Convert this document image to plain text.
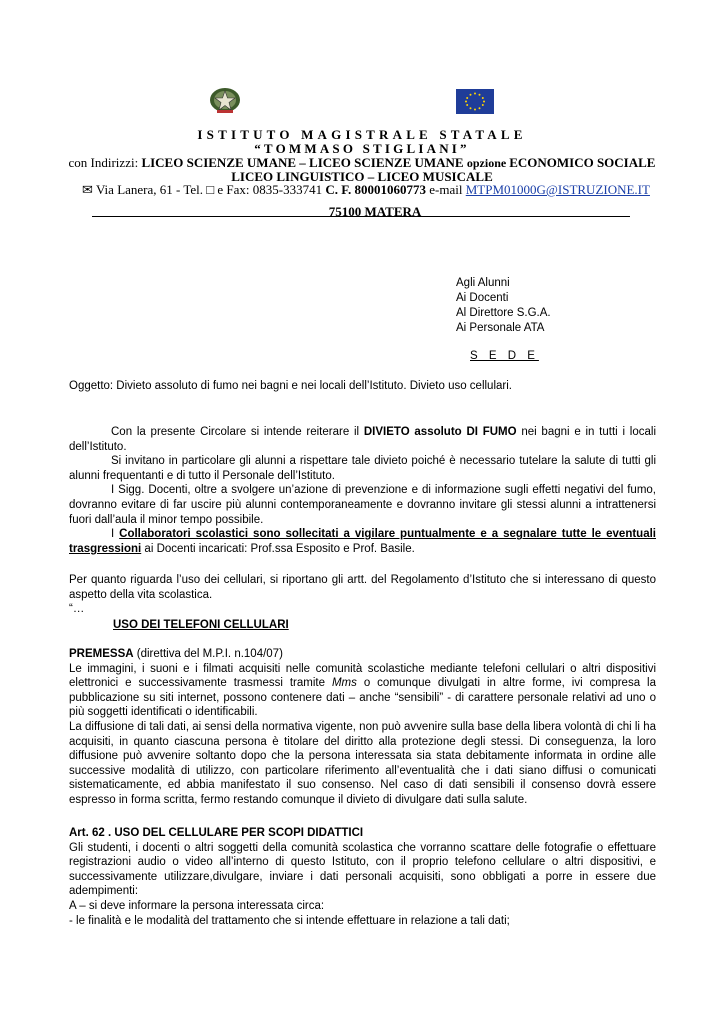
ISTITUTO MAGISTRALE STATALE
“TOMMASO STIGLIANI”
con Indirizzi: LICEO SCIENZE UMANE – LICEO SCIENZE UMANE opzione ECONOMICO SOCIALE
LICEO LINGUISTICO – LICEO MUSICALE
✉ Via Lanera, 61 - Tel. □ e Fax: 0835-333741 C. F. 80001060773 e-mail MTPM01000G@ISTRUZIONE.IT
75100 MATERA
Agli Alunni
Ai Docenti
Al Direttore S.G.A.
Ai Personale ATA
S E D E
Oggetto: Divieto assoluto di fumo nei bagni e nei locali dell’Istituto. Divieto uso cellulari.

Con la presente Circolare si intende reiterare il DIVIETO assoluto DI FUMO nei bagni e in tutti i locali dell’Istituto.

Si invitano in particolare gli alunni a rispettare tale divieto poiché è necessario tutelare la salute di tutti gli alunni frequentanti e di tutto il Personale dell’Istituto.

I Sigg. Docenti, oltre a svolgere un’azione di prevenzione e di informazione sugli effetti negativi del fumo, dovranno evitare di far uscire più alunni contemporaneamente e dovranno invitare gli stessi alunni a intrattenersi fuori dall’aula il minor tempo possibile.

I Collaboratori scolastici sono sollecitati a vigilare puntualmente e a segnalare tutte le eventuali trasgressioni ai Docenti incaricati: Prof.ssa Esposito e Prof. Basile.

Per quanto riguarda l’uso dei cellulari, si riportano gli artt. del Regolamento d’Istituto che si interessano di questo aspetto della vita scolastica.

“…

USO DEI TELEFONI CELLULARI

PREMESSA (direttiva del M.P.I. n.104/07)

Le immagini, i suoni e i filmati acquisiti nelle comunità scolastiche mediante telefoni cellulari o altri dispositivi elettronici e successivamente trasmessi tramite Mms o comunque divulgati in altre forme, ivi compresa la pubblicazione su siti internet, possono contenere dati – anche “sensibili” - di carattere personale relativi ad uno o più soggetti identificati o identificabili.

La diffusione di tali dati, ai sensi della normativa vigente, non può avvenire sulla base della libera volontà di chi li ha acquisiti, in quanto ciascuna persona è titolare del diritto alla protezione degli stessi. Di conseguenza, la loro diffusione può avvenire soltanto dopo che la persona interessata sia stata debitamente informata in ordine alle successive modalità di utilizzo, con particolare riferimento all’eventualità che i dati siano diffusi o comunicati sistematicamente, ed abbia manifestato il suo consenso. Nel caso di dati sensibili il consenso dovrà essere espresso in forma scritta, fermo restando comunque il divieto di divulgare dati sulla salute.

Art. 62 . USO DEL CELLULARE PER SCOPI DIDATTICI

Gli studenti, i docenti o altri soggetti della comunità scolastica che vorranno scattare delle fotografie o effettuare registrazioni audio o video all’interno di questo Istituto, con il proprio telefono cellulare o altri dispositivi, e successivamente utilizzare,divulgare, inviare i dati personali acquisiti, sono obbligati a porre in essere due adempimenti:

A – si deve informare la persona interessata circa:

- le finalità e le modalità del trattamento che si intende effettuare in relazione a tali dati;
